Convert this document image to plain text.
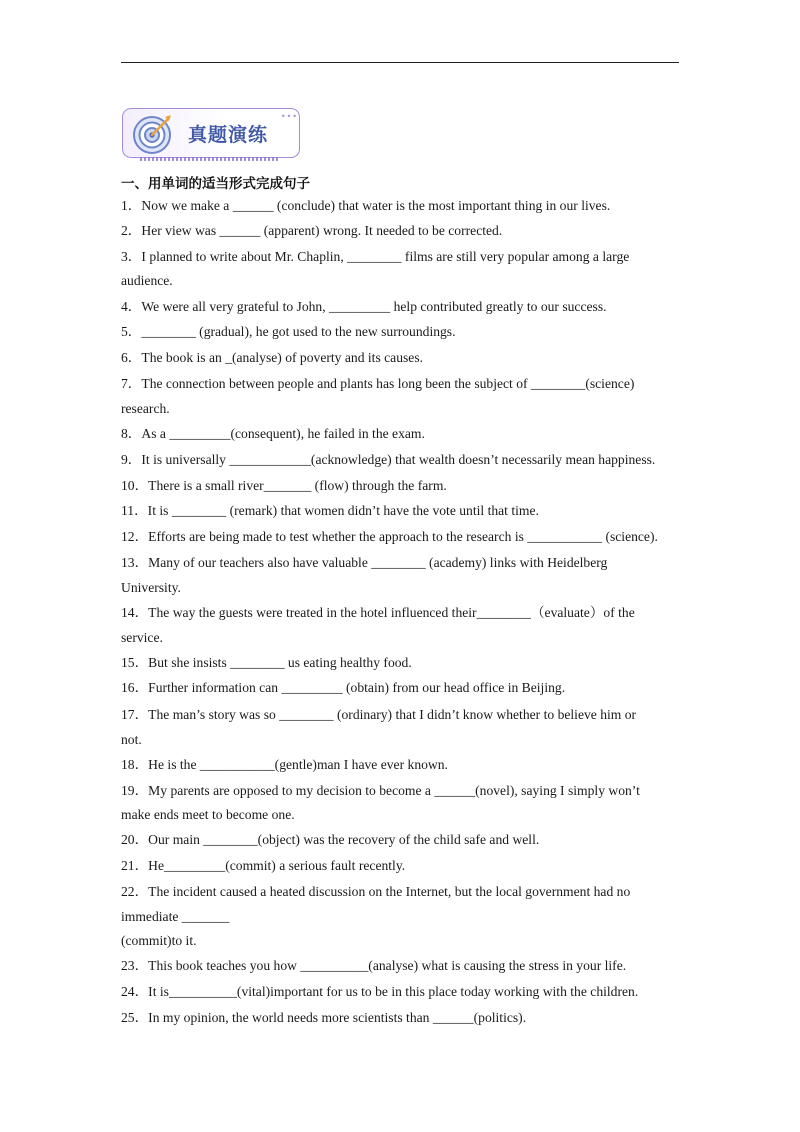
真题演练
•••
一、用单词的适当形式完成句子

1．Now we make a ______ (conclude) that water is the most important thing in our lives.

2．Her view was ______ (apparent) wrong. It needed to be corrected.

3．I planned to write about Mr. Chaplin, ________ films are still very popular among a large

audience.

4．We were all very grateful to John, _________ help contributed greatly to our success.

5．________ (gradual), he got used to the new surroundings.

6．The book is an _(analyse) of poverty and its causes.

7．The connection between people and plants has long been the subject of ________(science)

research.

8．As a _________(consequent), he failed in the exam.

9．It is universally ____________(acknowledge) that wealth doesn’t necessarily mean happiness.

10．There is a small river_______ (flow) through the farm.

11．It is ________ (remark) that women didn’t have the vote until that time.

12．Efforts are being made to test whether the approach to the research is ___________ (science).

13．Many of our teachers also have valuable ________ (academy) links with Heidelberg

University.

14．The way the guests were treated in the hotel influenced their________（evaluate）of the

service.

15．But she insists ________ us eating healthy food.

16．Further information can _________ (obtain) from our head office in Beijing.

17．The man’s story was so ________ (ordinary) that I didn’t know whether to believe him or

not.

18．He is the ___________(gentle)man I have ever known.

19．My parents are opposed to my decision to become a ______(novel), saying I simply won’t

make ends meet to become one.

20．Our main ________(object) was the recovery of the child safe and well.

21．He_________(commit) a serious fault recently.

22．The incident caused a heated discussion on the Internet, but the local government had no

immediate _______

(commit)to it.

23．This book teaches you how __________(analyse) what is causing the stress in your life.

24．It is__________(vital)important for us to be in this place today working with the children.

25．In my opinion, the world needs more scientists than ______(politics).
